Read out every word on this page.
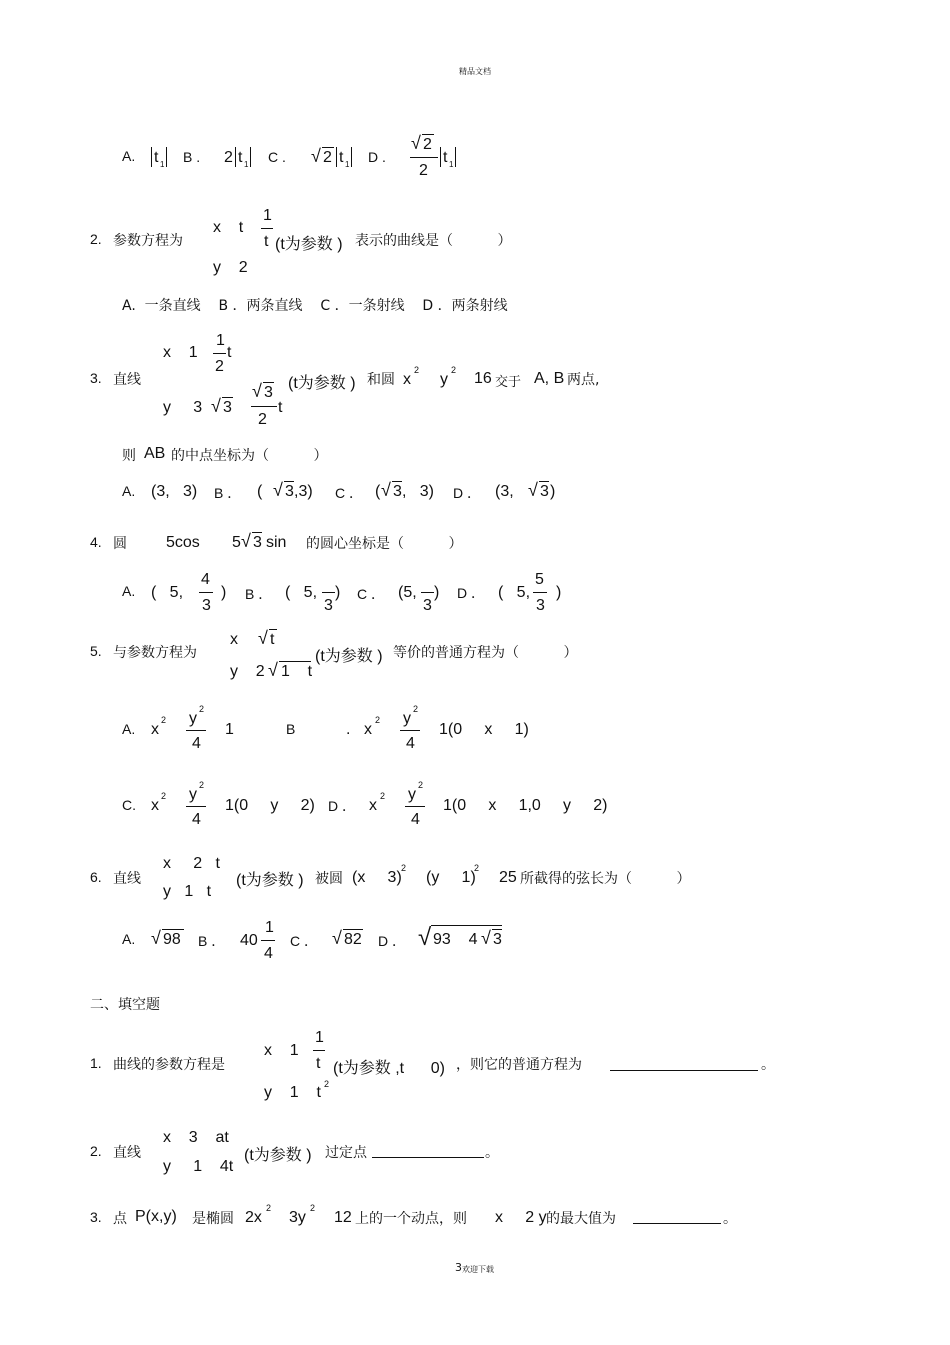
精品文档
3 欢迎下载
A. t 1 B . 2 t 1 C . √ 2 t 1 D .
√ 2
2
t 1
2. 参数方程为
x    t
1
t (t为参数 ) 表示的曲线是（          ）
y    2
A.  一条直线    B ．两条直线    C ．一条射线    D ．两条射线
3. 直线
x    1
1
2
t
y     3 √ 3
√ 3
2
t
(t为参数 ) 和圆 x
2
y
2 16 交于 A, B 两点,
则 AB 的中点坐标为（          ）
A. (3,   3) B ． ( √ 3 ,3) C ． ( √ 3 ,   3) D ． (3, √ 3 )
4. 圆 5cos 5 √ 3 sin 的圆心坐标是（          ）
A. (   5,
4
3
) B ． (   5,
3
) C ． (5,
3
) D ． (   5,
5
3
)
5. 与参数方程为
x √ t
y    2 √ 1    t
(t为参数 ) 等价的普通方程为（          ）
A. x
2 y
2
4
1	B	. x
2 y
2
4
1(0     x     1)
C. x
2 y
2
4
1(0     y     2) D ． x
2 y
2
4
1(0     x     1,0     y     2)
6. 直线
x     2   t
y   1   t
(t为参数 ) 被圆 (x     3)
2
(y     1)
2
25 所截得的弦长为（          ）
A. √ 98 B ． 40
1
4
C ． √ 82 D ． √ 93    4 √ 3
二、填空题
1. 曲线的参数方程是
x    1
1
t (t为参数 ,t      0) ，则它的普通方程为	。
y    1    t 2
2. 直线
x    3    at
y     1    4t
(t为参数 ) 过定点	。
3. 点 P(x,y) 是椭圆 2x
2
3y
2
12 上的一个动点，则 x     2 y 的最大值为	。
